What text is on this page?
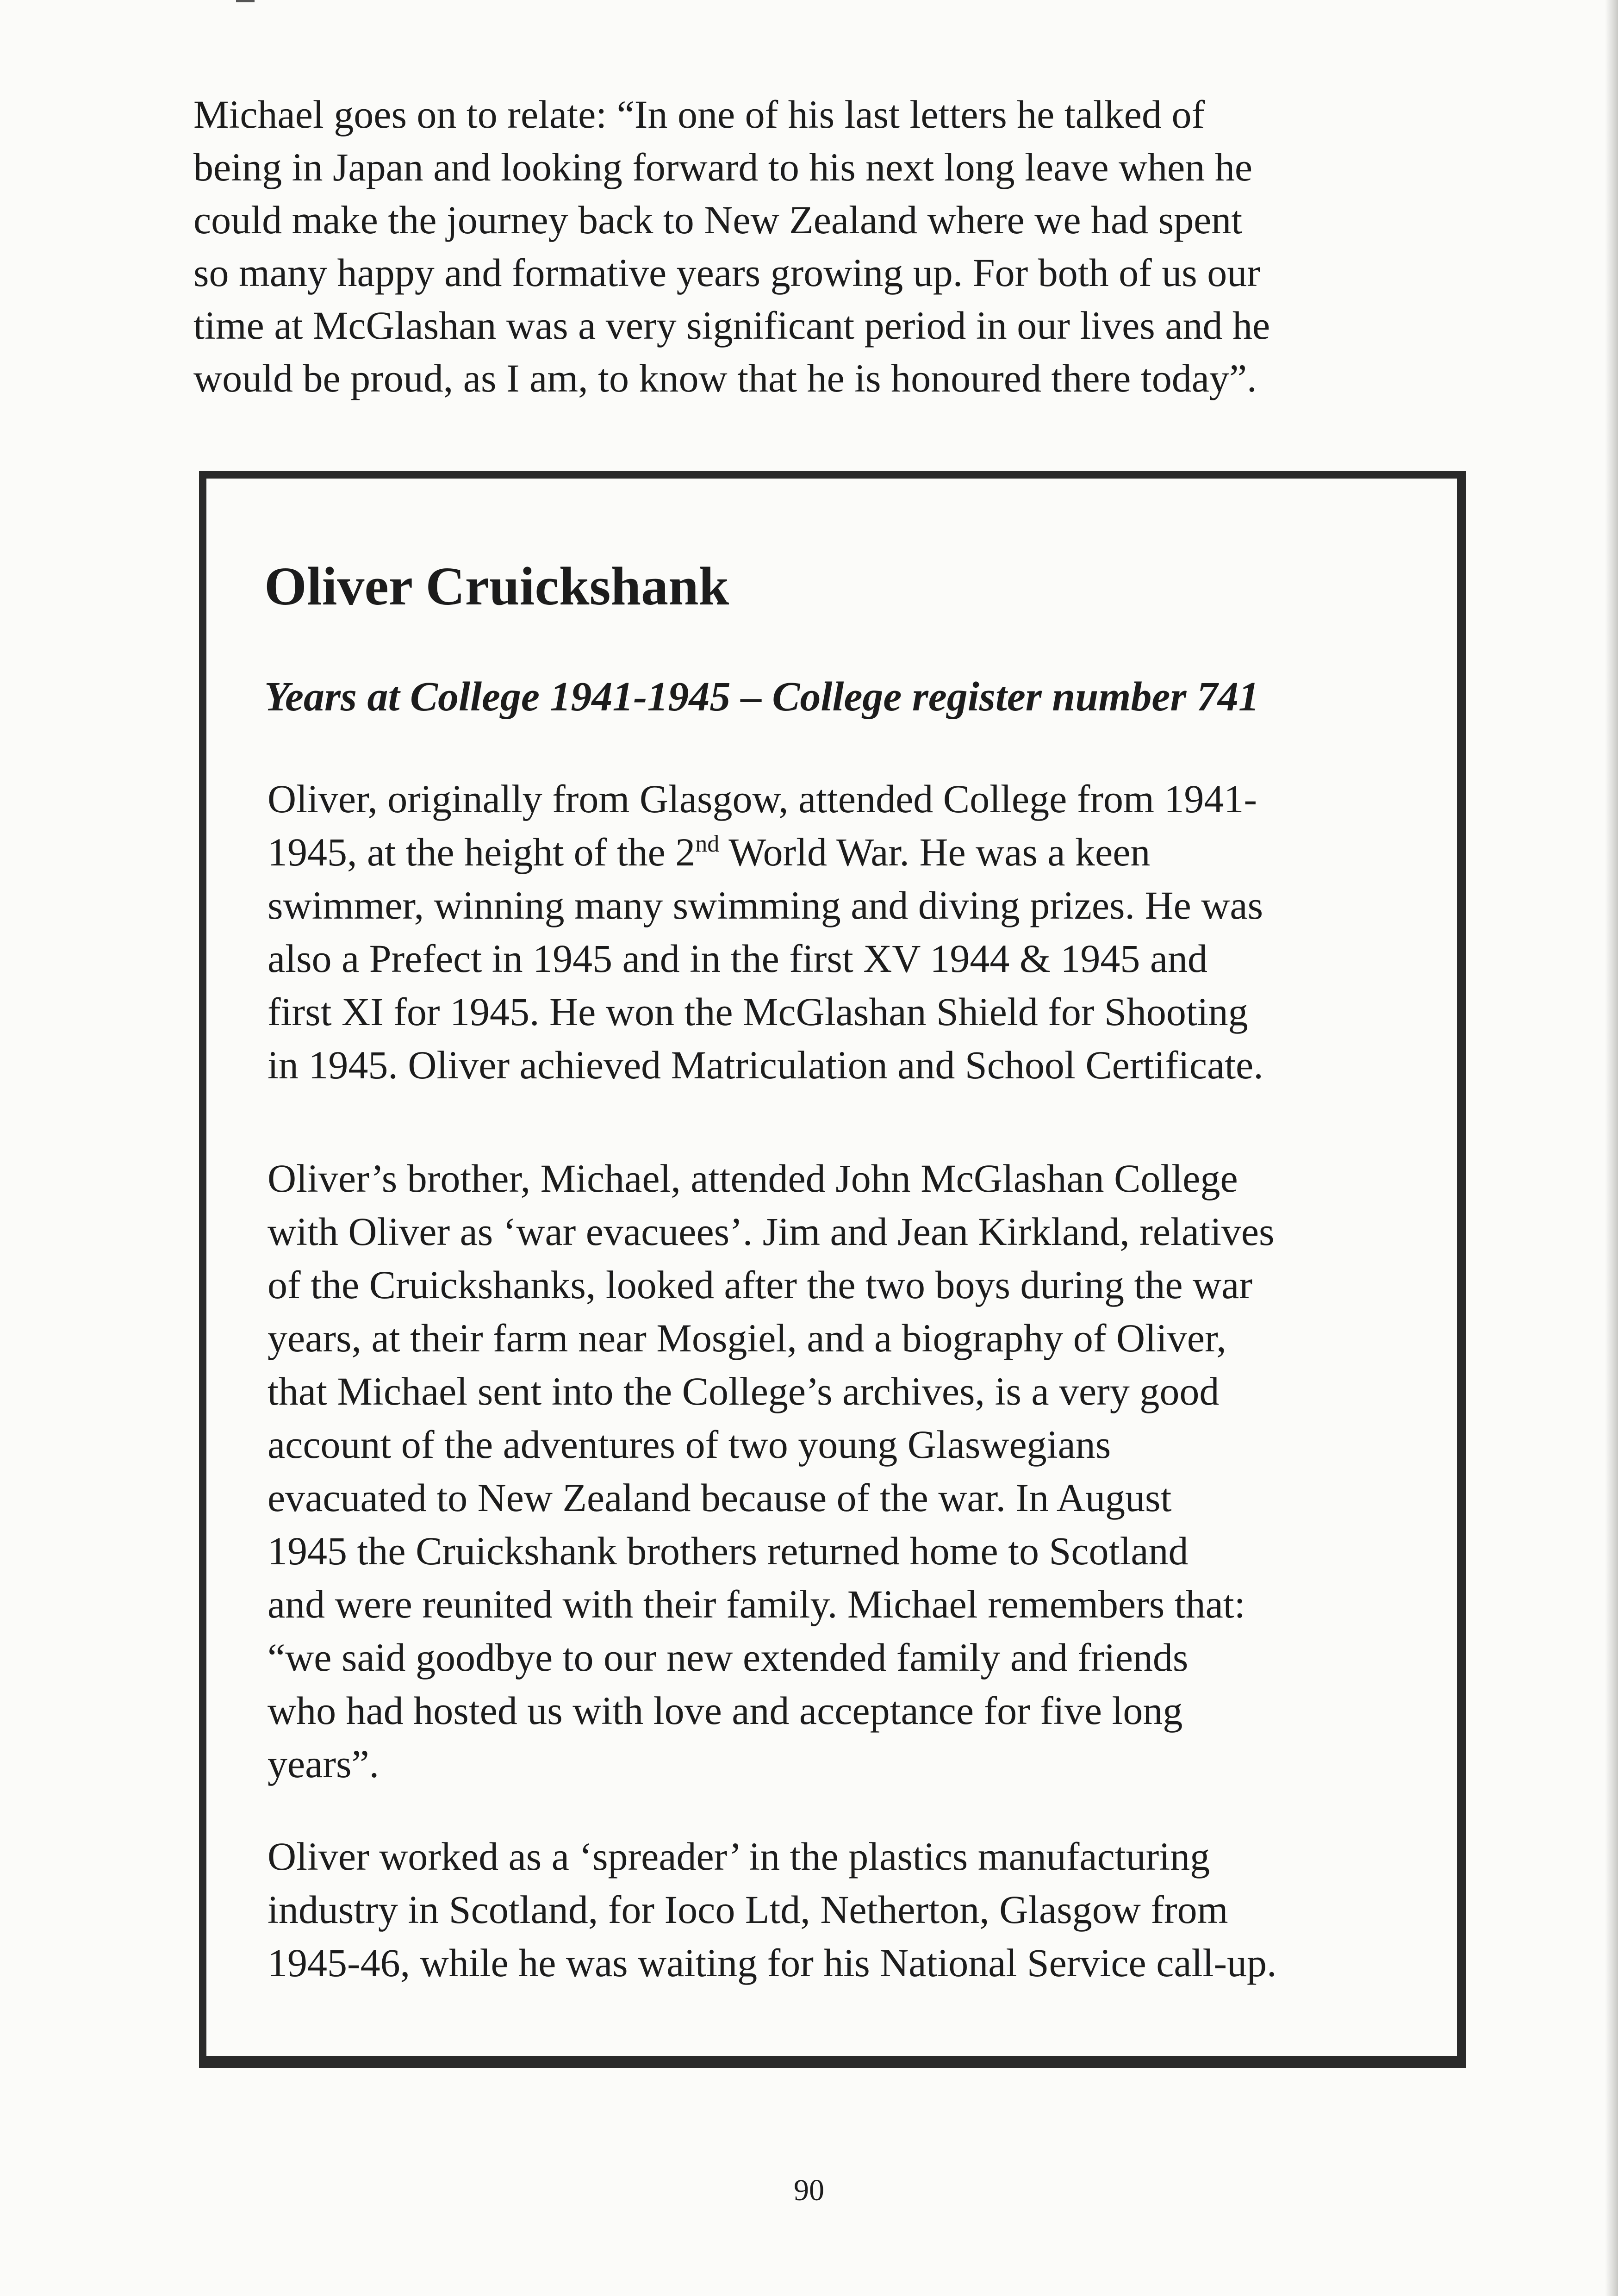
Michael goes on to relate: “In one of his last letters he talked of
being in Japan and looking forward to his next long leave when he
could make the journey back to New Zealand where we had spent
so many happy and formative years growing up. For both of us our
time at McGlashan was a very significant period in our lives and he
would be proud, as I am, to know that he is honoured there today”.
Oliver Cruickshank
Years at College 1941-1945 – College register number 741
Oliver, originally from Glasgow, attended College from 1941-
1945, at the height of the 2nd World War. He was a keen
swimmer, winning many swimming and diving prizes. He was
also a Prefect in 1945 and in the first XV 1944 & 1945 and
first XI for 1945. He won the McGlashan Shield for Shooting
in 1945. Oliver achieved Matriculation and School Certificate.
Oliver’s brother, Michael, attended John McGlashan College
with Oliver as ‘war evacuees’. Jim and Jean Kirkland, relatives
of the Cruickshanks, looked after the two boys during the war
years, at their farm near Mosgiel, and a biography of Oliver,
that Michael sent into the College’s archives, is a very good
account of the adventures of two young Glaswegians
evacuated to New Zealand because of the war. In August
1945 the Cruickshank brothers returned home to Scotland
and were reunited with their family. Michael remembers that:
“we said goodbye to our new extended family and friends
who had hosted us with love and acceptance for five long
years”.
Oliver worked as a ‘spreader’ in the plastics manufacturing
industry in Scotland, for Ioco Ltd, Netherton, Glasgow from
1945-46, while he was waiting for his National Service call-up.

90
